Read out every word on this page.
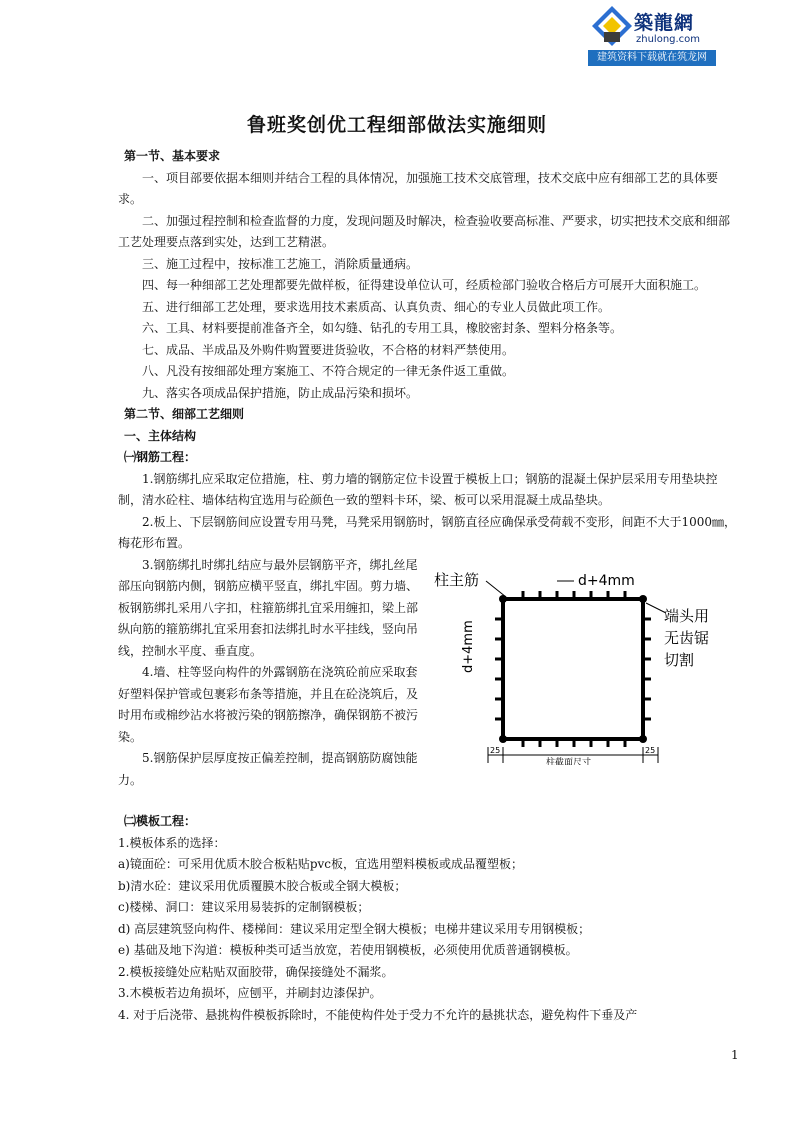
築龍網
zhulong.com
建筑资料下载就在筑龙网
鲁班奖创优工程细部做法实施细则

第一节、基本要求

一、项目部要依据本细则并结合工程的具体情况，加强施工技术交底管理，技术交底中应有细部工艺的具体要求。

二、加强过程控制和检查监督的力度，发现问题及时解决，检查验收要高标准、严要求，切实把技术交底和细部工艺处理要点落到实处，达到工艺精湛。

三、施工过程中，按标准工艺施工，消除质量通病。

四、每一种细部工艺处理都要先做样板，征得建设单位认可，经质检部门验收合格后方可展开大面积施工。

五、进行细部工艺处理，要求选用技术素质高、认真负责、细心的专业人员做此项工作。

六、工具、材料要提前准备齐全，如勾缝、钻孔的专用工具，橡胶密封条、塑料分格条等。

七、成品、半成品及外购件购置要进货验收，不合格的材料严禁使用。

八、凡没有按细部处理方案施工、不符合规定的一律无条件返工重做。

九、落实各项成品保护措施，防止成品污染和损坏。

第二节、细部工艺细则

一、主体结构

㈠钢筋工程：

1.钢筋绑扎应采取定位措施，柱、剪力墙的钢筋定位卡设置于模板上口；钢筋的混凝土保护层采用专用垫块控制，清水砼柱、墙体结构宜选用与砼颜色一致的塑料卡环，梁、板可以采用混凝土成品垫块。

2.板上、下层钢筋间应设置专用马凳，马凳采用钢筋时，钢筋直径应确保承受荷载不变形，间距不大于1000㎜，梅花形布置。

柱主筋	d+4mm
d+4mm
端头用
无齿锯
切割
25	25
柱截面尺寸

3.钢筋绑扎时绑扎结应与最外层钢筋平齐，绑扎丝尾部压向钢筋内侧，钢筋应横平竖直，绑扎牢固。剪力墙、板钢筋绑扎采用八字扣，柱箍筋绑扎宜采用缠扣，梁上部纵向筋的箍筋绑扎宜采用套扣法绑扎时水平挂线，竖向吊线，控制水平度、垂直度。

4.墙、柱等竖向构件的外露钢筋在浇筑砼前应采取套好塑料保护管或包裹彩布条等措施，并且在砼浇筑后，及时用布或棉纱沾水将被污染的钢筋擦净，确保钢筋不被污染。

5.钢筋保护层厚度按正偏差控制，提高钢筋防腐蚀能力。

㈡模板工程：

1.模板体系的选择：

a)镜面砼：可采用优质木胶合板粘贴pvc板，宜选用塑料模板或成品覆塑板；

b)清水砼：建议采用优质覆膜木胶合板或全钢大模板；

c)楼梯、洞口：建议采用易装拆的定制钢模板；

d) 高层建筑竖向构件、楼梯间：建议采用定型全钢大模板；电梯井建议采用专用钢模板；

e) 基础及地下沟道：模板种类可适当放宽，若使用钢模板，必须使用优质普通钢模板。

2.模板接缝处应粘贴双面胶带，确保接缝处不漏浆。

3.木模板若边角损坏，应刨平，并刷封边漆保护。

4. 对于后浇带、悬挑构件模板拆除时，不能使构件处于受力不允许的悬挑状态，避免构件下垂及产

1
